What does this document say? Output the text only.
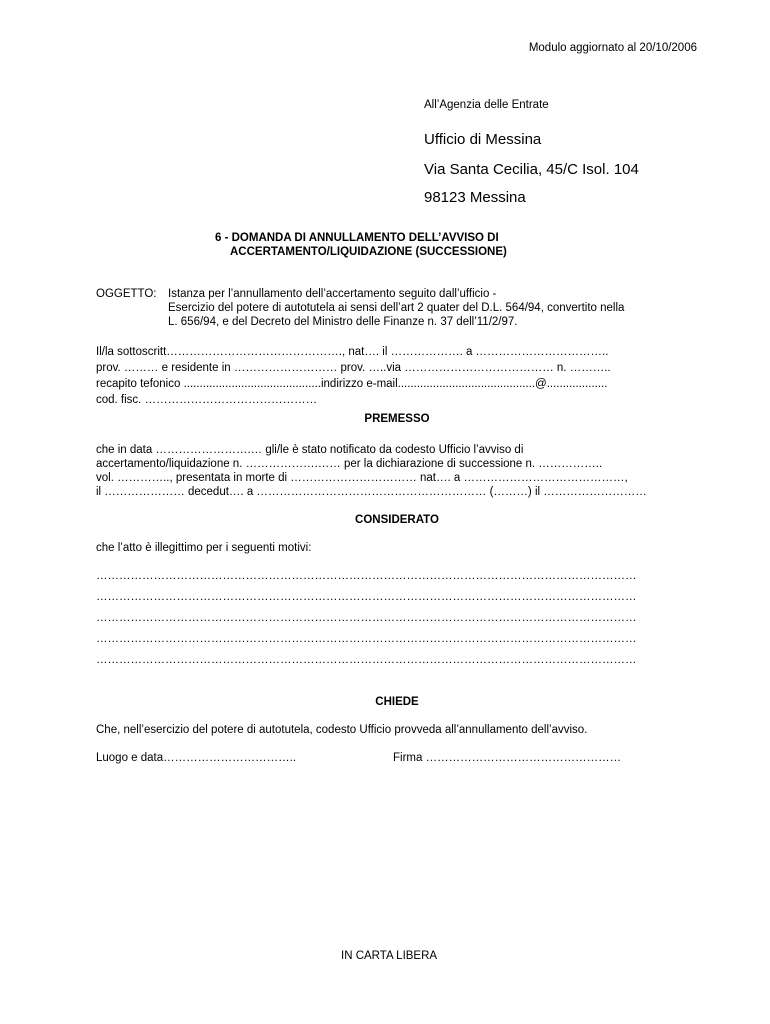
Modulo aggiornato al 20/10/2006
All’Agenzia delle Entrate
Ufficio di Messina
Via Santa Cecilia, 45/C Isol. 104
98123 Messina
6 - DOMANDA DI ANNULLAMENTO DELL’AVVISO DI
ACCERTAMENTO/LIQUIDAZIONE (SUCCESSIONE)
OGGETTO: Istanza per l’annullamento dell’accertamento seguito dall’ufficio -
Esercizio del potere di autotutela ai sensi dell’art 2 quater del D.L. 564/94, convertito nella
L. 656/94, e del Decreto del Ministro delle Finanze n. 37 dell’11/2/97.
Il/la sottoscritt………………………………………., nat…. il ………………. a ……………………………..
prov. ……… e residente in ……………………… prov. …..via ………………………………… n. ………..
recapito tefonico ...........................................indirizzo e-mail...........................................@...................
cod. fisc. ………………………………………
PREMESSO
che in data …………………….… gli/le è stato notificato da codesto Ufficio l’avviso di
accertamento/liquidazione n. ……………….…… per la dichiarazione di successione n. ……………..
vol. ………….., presentata in morte di …………………………… nat…. a ……………………………………,
il ………………… decedut…. a …………………………………………………… (………) il ………………………
CONSIDERATO
che l’atto è illegittimo per i seguenti motivi:
……………………………………………………………………………………………………………………………
……………………………………………………………………………………………………………………………
……………………………………………………………………………………………………………………………
……………………………………………………………………………………………………………………………
……………………………………………………………………………………………………………………………
CHIEDE
Che, nell’esercizio del potere di autotutela, codesto Ufficio provveda all’annullamento dell’avviso.
Luogo e data……………………………..	Firma ……………………………………………
IN CARTA LIBERA
